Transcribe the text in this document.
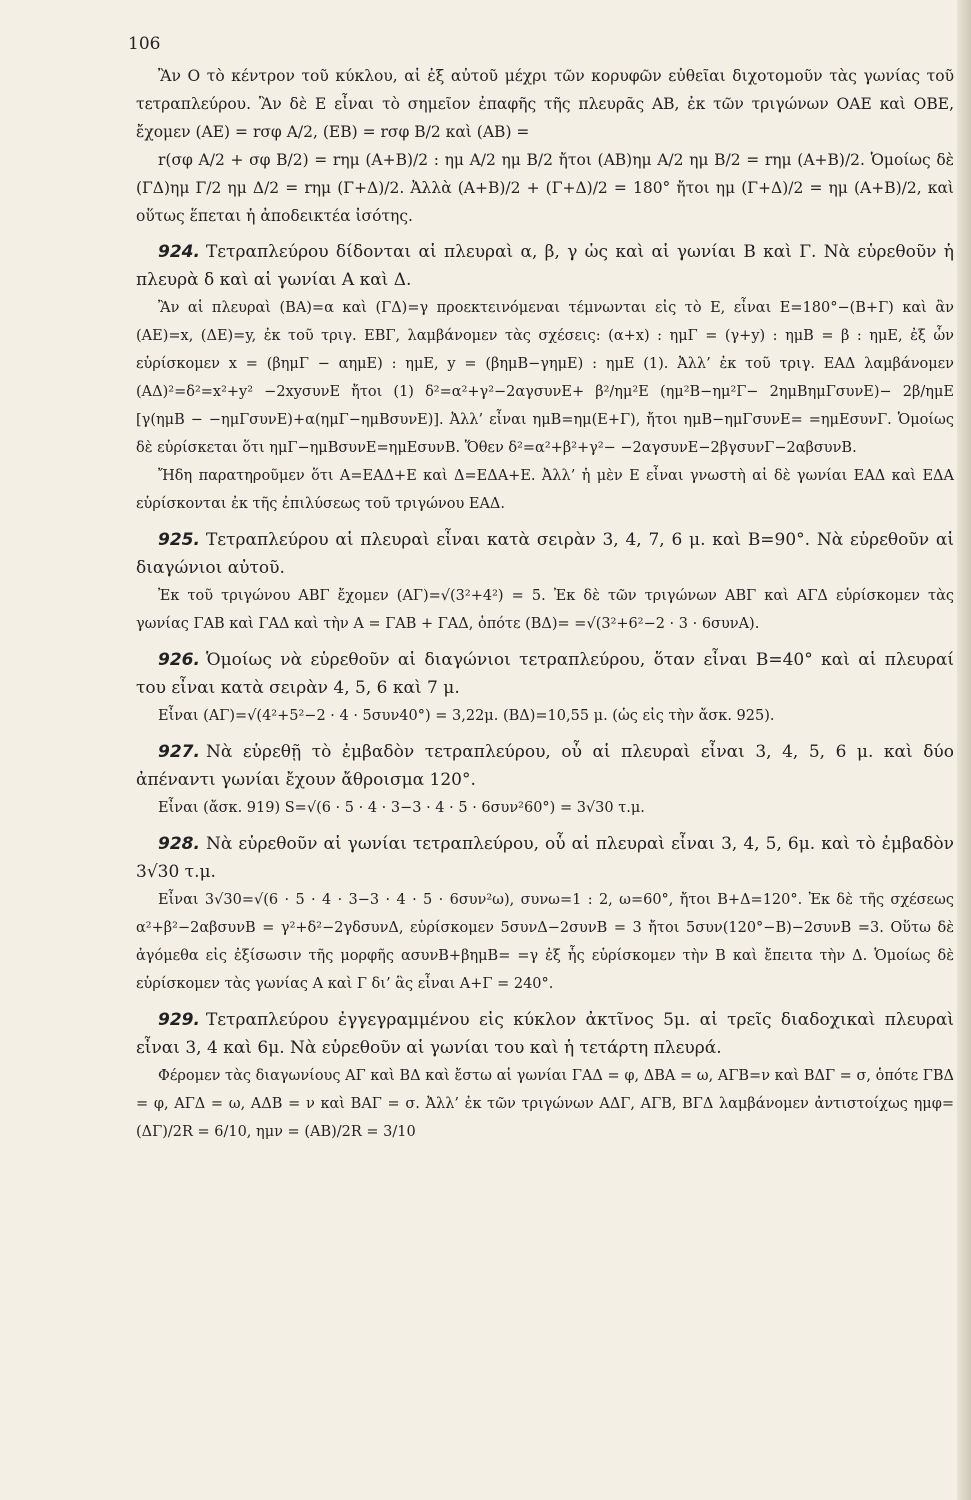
106

Ἂν Ο τὸ κέντρον τοῦ κύκλου, αἱ ἐξ αὐτοῦ μέχρι τῶν κορυφῶν εὐθεῖαι διχοτομοῦν τὰς γωνίας τοῦ τετραπλεύρου. Ἂν δὲ Ε εἶναι τὸ σημεῖον ἐπαφῆς τῆς πλευρᾶς ΑΒ, ἐκ τῶν τριγώνων ΟΑΕ καὶ ΟΒΕ, ἔχομεν (ΑΕ) = rσφ A/2, (ΕΒ) = rσφ B/2 καὶ (ΑΒ) =

r(σφ A/2 + σφ B/2) = rημ (A+B)/2 : ημ A/2 ημ B/2 ἤτοι (ΑΒ)ημ A/2 ημ B/2 = rημ (A+B)/2. Ὁμοίως δὲ (ΓΔ)ημ Γ/2 ημ Δ/2 = rημ (Γ+Δ)/2. Ἀλλὰ (A+B)/2 + (Γ+Δ)/2 = 180° ἤτοι ημ (Γ+Δ)/2 = ημ (A+B)/2, καὶ οὕτως ἕπεται ἡ ἀποδεικτέα ἰσότης.

924. Τετραπλεύρου δίδονται αἱ πλευραὶ α, β, γ ὡς καὶ αἱ γωνίαι Β καὶ Γ. Νὰ εὑρεθοῦν ἡ πλευρὰ δ καὶ αἱ γωνίαι Α καὶ Δ.

Ἂν αἱ πλευραὶ (ΒΑ)=α καὶ (ΓΔ)=γ προεκτεινόμεναι τέμνωνται εἰς τὸ Ε, εἶναι Ε=180°−(Β+Γ) καὶ ἂν (ΑΕ)=x, (ΔΕ)=y, ἐκ τοῦ τριγ. ΕΒΓ, λαμβάνομεν τὰς σχέσεις: (α+x) : ημΓ = (γ+y) : ημΒ = β : ημΕ, ἐξ ὧν εὑρίσκομεν x = (βημΓ − αημΕ) : ημΕ, y = (βημΒ−γημΕ) : ημΕ (1). Ἀλλ’ ἐκ τοῦ τριγ. ΕΑΔ λαμβάνομεν (ΑΔ)²=δ²=x²+y² −2xyσυνΕ ἤτοι (1) δ²=α²+γ²−2αγσυνΕ+ β²/ημ²Ε (ημ²Β−ημ²Γ− 2ημΒημΓσυνΕ)− 2β/ημΕ [γ(ημΒ − −ημΓσυνΕ)+α(ημΓ−ημΒσυνΕ)]. Ἀλλ’ εἶναι ημΒ=ημ(Ε+Γ), ἤτοι ημΒ−ημΓσυνΕ= =ημΕσυνΓ. Ὁμοίως δὲ εὑρίσκεται ὅτι ημΓ−ημΒσυνΕ=ημΕσυνΒ. Ὅθεν δ²=α²+β²+γ²− −2αγσυνΕ−2βγσυνΓ−2αβσυνΒ.

Ἤδη παρατηροῦμεν ὅτι Α=ΕΑΔ+Ε καὶ Δ=ΕΔΑ+Ε. Ἀλλ’ ἡ μὲν Ε εἶναι γνωστὴ αἱ δὲ γωνίαι ΕΑΔ καὶ ΕΔΑ εὑρίσκονται ἐκ τῆς ἐπιλύσεως τοῦ τριγώνου ΕΑΔ.

925. Τετραπλεύρου αἱ πλευραὶ εἶναι κατὰ σειρὰν 3, 4, 7, 6 μ. καὶ Β=90°. Νὰ εὑρεθοῦν αἱ διαγώνιοι αὐτοῦ.

Ἐκ τοῦ τριγώνου ΑΒΓ ἔχομεν (ΑΓ)=√(3²+4²) = 5. Ἐκ δὲ τῶν τριγώνων ΑΒΓ καὶ ΑΓΔ εὑρίσκομεν τὰς γωνίας ΓΑΒ καὶ ΓΑΔ καὶ τὴν Α = ΓΑΒ + ΓΑΔ, ὁπότε (ΒΔ)= =√(3²+6²−2 · 3 · 6συνΑ).

926. Ὁμοίως νὰ εὑρεθοῦν αἱ διαγώνιοι τετραπλεύρου, ὅταν εἶναι Β=40° καὶ αἱ πλευραί του εἶναι κατὰ σειρὰν 4, 5, 6 καὶ 7 μ.

Εἶναι (ΑΓ)=√(4²+5²−2 · 4 · 5συν40°) = 3,22μ. (ΒΔ)=10,55 μ. (ὡς εἰς τὴν ἄσκ. 925).

927. Νὰ εὑρεθῇ τὸ ἐμβαδὸν τετραπλεύρου, οὗ αἱ πλευραὶ εἶναι 3, 4, 5, 6 μ. καὶ δύο ἀπέναντι γωνίαι ἔχουν ἄθροισμα 120°.

Εἶναι (ἄσκ. 919) S=√(6 · 5 · 4 · 3−3 · 4 · 5 · 6συν²60°) = 3√30 τ.μ.

928. Νὰ εὑρεθοῦν αἱ γωνίαι τετραπλεύρου, οὗ αἱ πλευραὶ εἶναι 3, 4, 5, 6μ. καὶ τὸ ἐμβαδὸν 3√30 τ.μ.

Εἶναι 3√30=√(6 · 5 · 4 · 3−3 · 4 · 5 · 6συν²ω), συνω=1 : 2, ω=60°, ἤτοι Β+Δ=120°. Ἐκ δὲ τῆς σχέσεως α²+β²−2αβσυνΒ = γ²+δ²−2γδσυνΔ, εὑρίσκομεν 5συνΔ−2συνΒ = 3 ἤτοι 5συν(120°−Β)−2συνΒ =3. Οὕτω δὲ ἀγόμεθα εἰς ἐξίσωσιν τῆς μορφῆς ασυνΒ+βημΒ= =γ ἐξ ἧς εὑρίσκομεν τὴν Β καὶ ἔπειτα τὴν Δ. Ὁμοίως δὲ εὑρίσκομεν τὰς γωνίας Α καὶ Γ δι’ ἃς εἶναι Α+Γ = 240°.

929. Τετραπλεύρου ἐγγεγραμμένου εἰς κύκλον ἀκτῖνος 5μ. αἱ τρεῖς διαδοχικαὶ πλευραὶ εἶναι 3, 4 καὶ 6μ. Νὰ εὑρεθοῦν αἱ γωνίαι του καὶ ἡ τετάρτη πλευρά.

Φέρομεν τὰς διαγωνίους ΑΓ καὶ ΒΔ καὶ ἔστω αἱ γωνίαι ΓΑΔ = φ, ΔΒΑ = ω, ΑΓΒ=ν καὶ ΒΔΓ = σ, ὁπότε ΓΒΔ = φ, ΑΓΔ = ω, ΑΔΒ = ν καὶ ΒΑΓ = σ. Ἀλλ’ ἐκ τῶν τριγώνων ΑΔΓ, ΑΓΒ, ΒΓΔ λαμβάνομεν ἀντιστοίχως ημφ= (ΔΓ)/2R = 6/10, ημν = (ΑΒ)/2R = 3/10
